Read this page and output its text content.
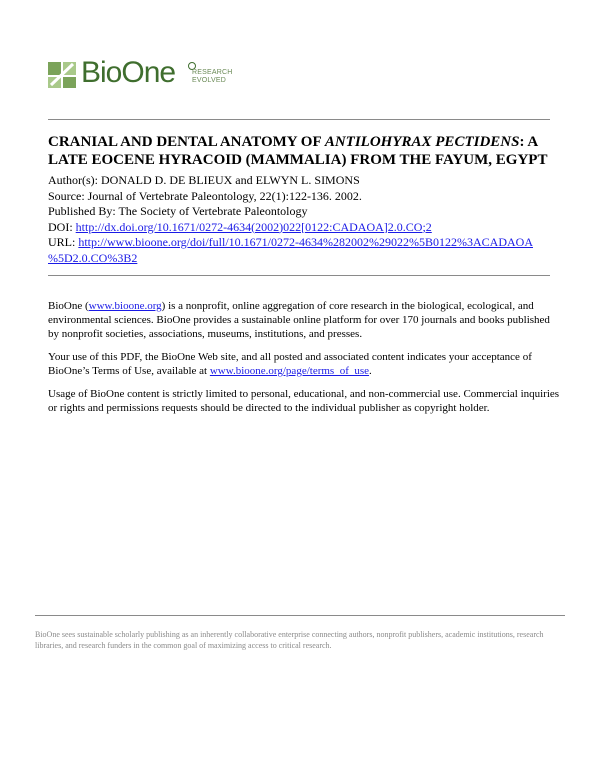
BioOne RESEARCH
EVOLVED
CRANIAL AND DENTAL ANATOMY OF ANTILOHYRAX PECTIDENS: A LATE EOCENE HYRACOID (MAMMALIA) FROM THE FAYUM, EGYPT
Author(s): DONALD D. DE BLIEUX and ELWYN L. SIMONS
Source: Journal of Vertebrate Paleontology, 22(1):122-136. 2002.
Published By: The Society of Vertebrate Paleontology
DOI: http://dx.doi.org/10.1671/0272-4634(2002)022[0122:CADAOA]2.0.CO;2
URL: http://www.bioone.org/doi/full/10.1671/0272-4634%282002%29022%5B0122%3ACADAOA
%5D2.0.CO%3B2

BioOne (www.bioone.org) is a nonprofit, online aggregation of core research in the biological, ecological, and environmental sciences. BioOne provides a sustainable online platform for over 170 journals and books published by nonprofit societies, associations, museums, institutions, and presses.

Your use of this PDF, the BioOne Web site, and all posted and associated content indicates your acceptance of BioOne’s Terms of Use, available at www.bioone.org/page/terms_of_use.

Usage of BioOne content is strictly limited to personal, educational, and non-commercial use. Commercial inquiries or rights and permissions requests should be directed to the individual publisher as copyright holder.

BioOne sees sustainable scholarly publishing as an inherently collaborative enterprise connecting authors, nonprofit publishers, academic institutions, research libraries, and research funders in the common goal of maximizing access to critical research.
